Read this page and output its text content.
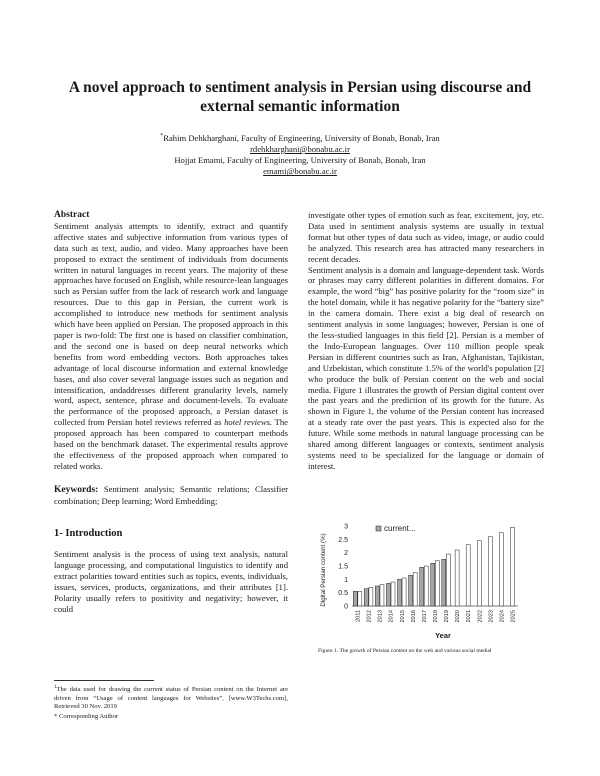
A novel approach to sentiment analysis in Persian using discourse and external semantic information
*Rahim Dehkharghani, Faculty of Engineering, University of Bonab, Bonab, Iran
rdehkharghani@bonabu.ac.ir
Hojjat Emami, Faculty of Engineering, University of Bonab, Bonab, Iran
emami@bonabu.ac.ir
Abstract

Sentiment analysis attempts to identify, extract and quantify affective states and subjective information from various types of data such as text, audio, and video. Many approaches have been proposed to extract the sentiment of individuals from documents written in natural languages in recent years. The majority of these approaches have focused on English, while resource-lean languages such as Persian suffer from the lack of research work and language resources. Due to this gap in Persian, the current work is accomplished to introduce new methods for sentiment analysis which have been applied on Persian. The proposed approach in this paper is two-fold: The first one is based on classifier combination, and the second one is based on deep neural networks which benefits from word embedding vectors. Both approaches takes advantage of local discourse information and external knowledge bases, and also cover several language issues such as negation and intensification, andaddresses different granularity levels, namely word, aspect, sentence, phrase and document-levels. To evaluate the performance of the proposed approach, a Persian dataset is collected from Persian hotel reviews referred as hotel reviews. The proposed approach has been compared to counterpart methods based on the benchmark dataset. The experimental results approve the effectiveness of the proposed approach when compared to related works.

Keywords: Sentiment analysis; Semantic relations; Classifier combination; Deep learning; Word Embedding;

1- Introduction

Sentiment analysis is the process of using text analysis, natural language processing, and computational linguistics to identify and extract polarities toward entities such as topics, events, individuals, issues, services, products, organizations, and their attributes [1]. Polarity usually refers to positivity and negativity; however, it could

$^1$The data used for drawing the current status of Persian content on the Internet are driven from “Usage of content languages for Websites”, [www.W3Techs.com], Retrieved 30 Nov. 2019
* Corresponding Author

investigate other types of emotion such as fear, excitement, joy, etc. Data used in sentiment analysis systems are usually in textual format but other types of data such as video, image, or audio could be analyzed. This research area has attracted many researchers in recent decades.

Sentiment analysis is a domain and language-dependent task. Words or phrases may carry different polarities in different domains. For example, the word “big” has positive polarity for the “room size” in the hotel domain, while it has negative polarity for the “battery size” in the camera domain. There exist a big deal of research on sentiment analysis in some languages; however, Persian is one of the less-studied languages in this field [2]. Persian is a member of the Indo-European languages. Over 110 million people speak Persian in different countries such as Iran, Afghanistan, Tajikistan, and Uzbekistan, which constitute 1.5% of the world's population [2] who produce the bulk of Persian content on the web and social media. Figure 1 illustrates the growth of Persian digital content over the past years and the prediction of its growth for the future. As shown in Figure 1, the volume of the Persian content has increased at a steady rate over the past years. This is expected also for the future. While some methods in natural language processing can be shared among different languages or contexts, sentiment analysis systems need to be specialized for the language or domain of interest.

0
0.5
1
1.5
2
2.5
3
2011 2012 2013 2014 2015 2016 2017 2018 2019 2020 2021 2022 2023 2024 2025
Digital Persian content (%)
Year
current...
Figure 1. The growth of Persian content on the web and various social medial
